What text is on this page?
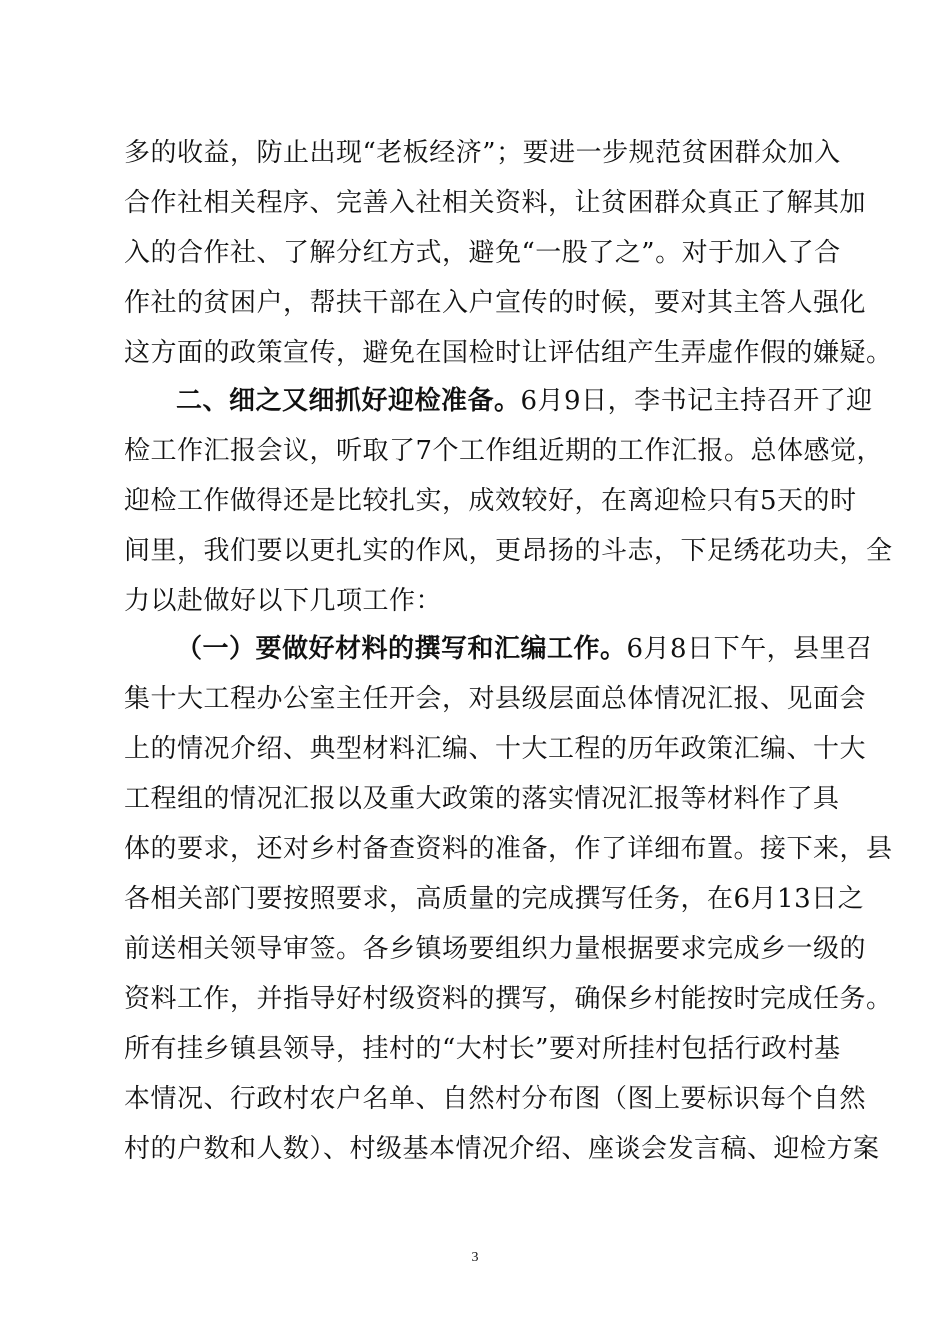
多的收益，防止出现“老板经济”；要进一步规范贫困群众加入
合作社相关程序、完善入社相关资料，让贫困群众真正了解其加
入的合作社、了解分红方式，避免“一股了之”。对于加入了合
作社的贫困户，帮扶干部在入户宣传的时候，要对其主答人强化
这方面的政策宣传，避免在国检时让评估组产生弄虚作假的嫌疑。
二、细之又细抓好迎检准备。6月9日，李书记主持召开了迎
检工作汇报会议，听取了7个工作组近期的工作汇报。总体感觉，
迎检工作做得还是比较扎实，成效较好，在离迎检只有5天的时
间里，我们要以更扎实的作风，更昂扬的斗志，下足绣花功夫，全
力以赴做好以下几项工作：
（一）要做好材料的撰写和汇编工作。6月8日下午，县里召
集十大工程办公室主任开会，对县级层面总体情况汇报、见面会
上的情况介绍、典型材料汇编、十大工程的历年政策汇编、十大
工程组的情况汇报以及重大政策的落实情况汇报等材料作了具
体的要求，还对乡村备查资料的准备，作了详细布置。接下来，县
各相关部门要按照要求，高质量的完成撰写任务，在6月13日之
前送相关领导审签。各乡镇场要组织力量根据要求完成乡一级的
资料工作，并指导好村级资料的撰写，确保乡村能按时完成任务。
所有挂乡镇县领导，挂村的“大村长”要对所挂村包括行政村基
本情况、行政村农户名单、自然村分布图（图上要标识每个自然
村的户数和人数）、村级基本情况介绍、座谈会发言稿、迎检方案
3
